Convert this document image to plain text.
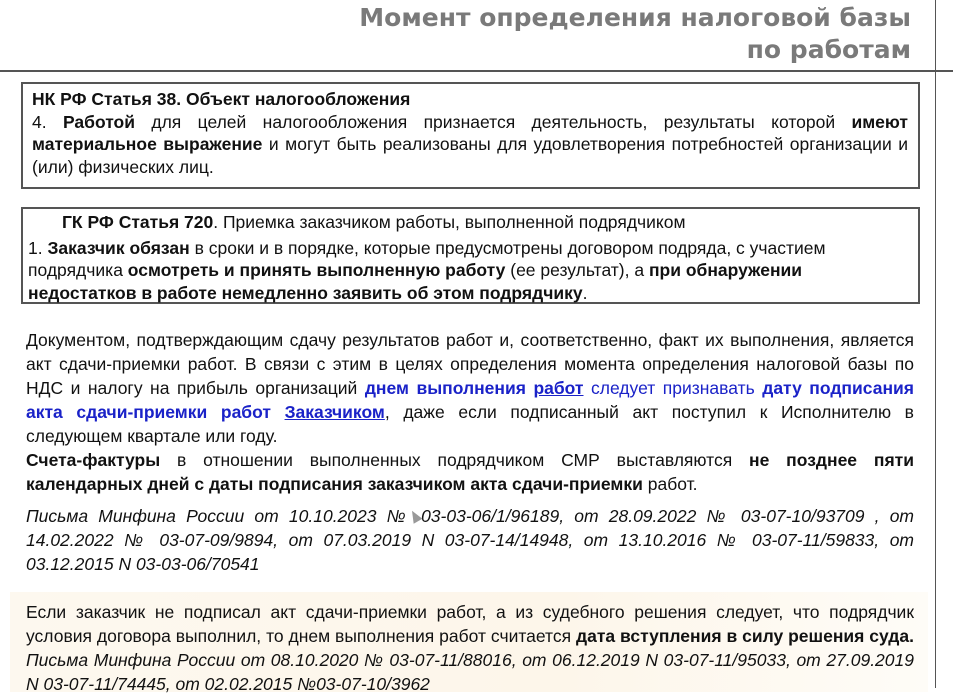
Момент определения налоговой базы
по работам
НК РФ Статья 38. Объект налогообложения
4. Работой для целей налогообложения признается деятельность, результаты которой имеют материальное выражение и могут быть реализованы для удовлетворения потребностей организации и (или) физических лиц.
ГК РФ Статья 720. Приемка заказчиком работы, выполненной подрядчиком
1. Заказчик обязан в сроки и в порядке, которые предусмотрены договором подряда, с участием подрядчика осмотреть и принять выполненную работу (ее результат), а при обнаружении недостатков в работе немедленно заявить об этом подрядчику.
Документом, подтверждающим сдачу результатов работ и, соответственно, факт их выполнения, является акт сдачи-приемки работ. В связи с этим в целях определения момента определения налоговой базы по НДС и налогу на прибыль организаций днем выполнения работ следует признавать дату подписания акта сдачи-приемки работ Заказчиком, даже если подписанный акт поступил к Исполнителю в следующем квартале или году.
Счета-фактуры в отношении выполненных подрядчиком СМР выставляются не позднее пяти календарных дней с даты подписания заказчиком акта сдачи-приемки работ.
Письма Минфина России от 10.10.2023 № 03-03-06/1/96189, от 28.09.2022 № 03-07-10/93709 , от 14.02.2022 № 03-07-09/9894, от 07.03.2019 N 03-07-14/14948, от 13.10.2016 № 03-07-11/59833, от 03.12.2015 N 03-03-06/70541
Если заказчик не подписал акт сдачи-приемки работ, а из судебного решения следует, что подрядчик условия договора выполнил, то днем выполнения работ считается дата вступления в силу решения суда. Письма Минфина России от 08.10.2020 № 03-07-11/88016, от 06.12.2019 N 03-07-11/95033, от 27.09.2019 N 03-07-11/74445, от 02.02.2015 №03-07-10/3962
